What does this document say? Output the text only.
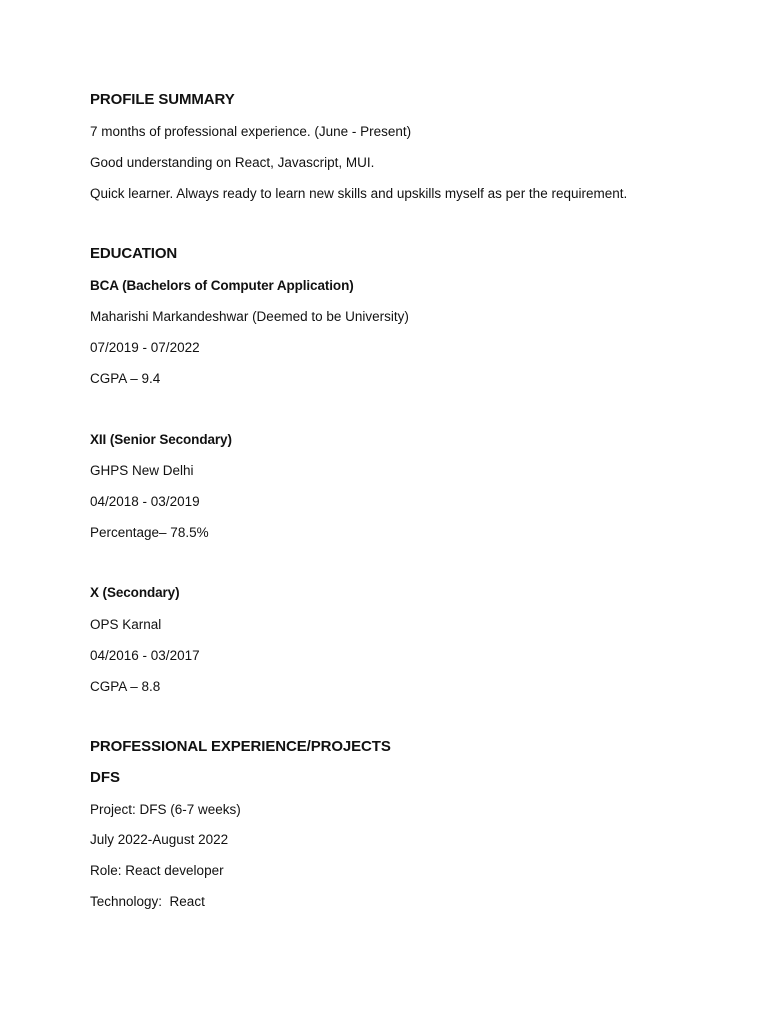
PROFILE SUMMARY
7 months of professional experience. (June - Present)
Good understanding on React, Javascript, MUI.
Quick learner. Always ready to learn new skills and upskills myself as per the requirement.
EDUCATION
BCA (Bachelors of Computer Application)
Maharishi Markandeshwar (Deemed to be University)
07/2019 - 07/2022
CGPA – 9.4
XII (Senior Secondary)
GHPS New Delhi
04/2018 - 03/2019
Percentage– 78.5%
X (Secondary)
OPS Karnal
04/2016 - 03/2017
CGPA – 8.8
PROFESSIONAL EXPERIENCE/PROJECTS
DFS
Project: DFS (6-7 weeks)
July 2022-August 2022
Role: React developer
Technology:  React
